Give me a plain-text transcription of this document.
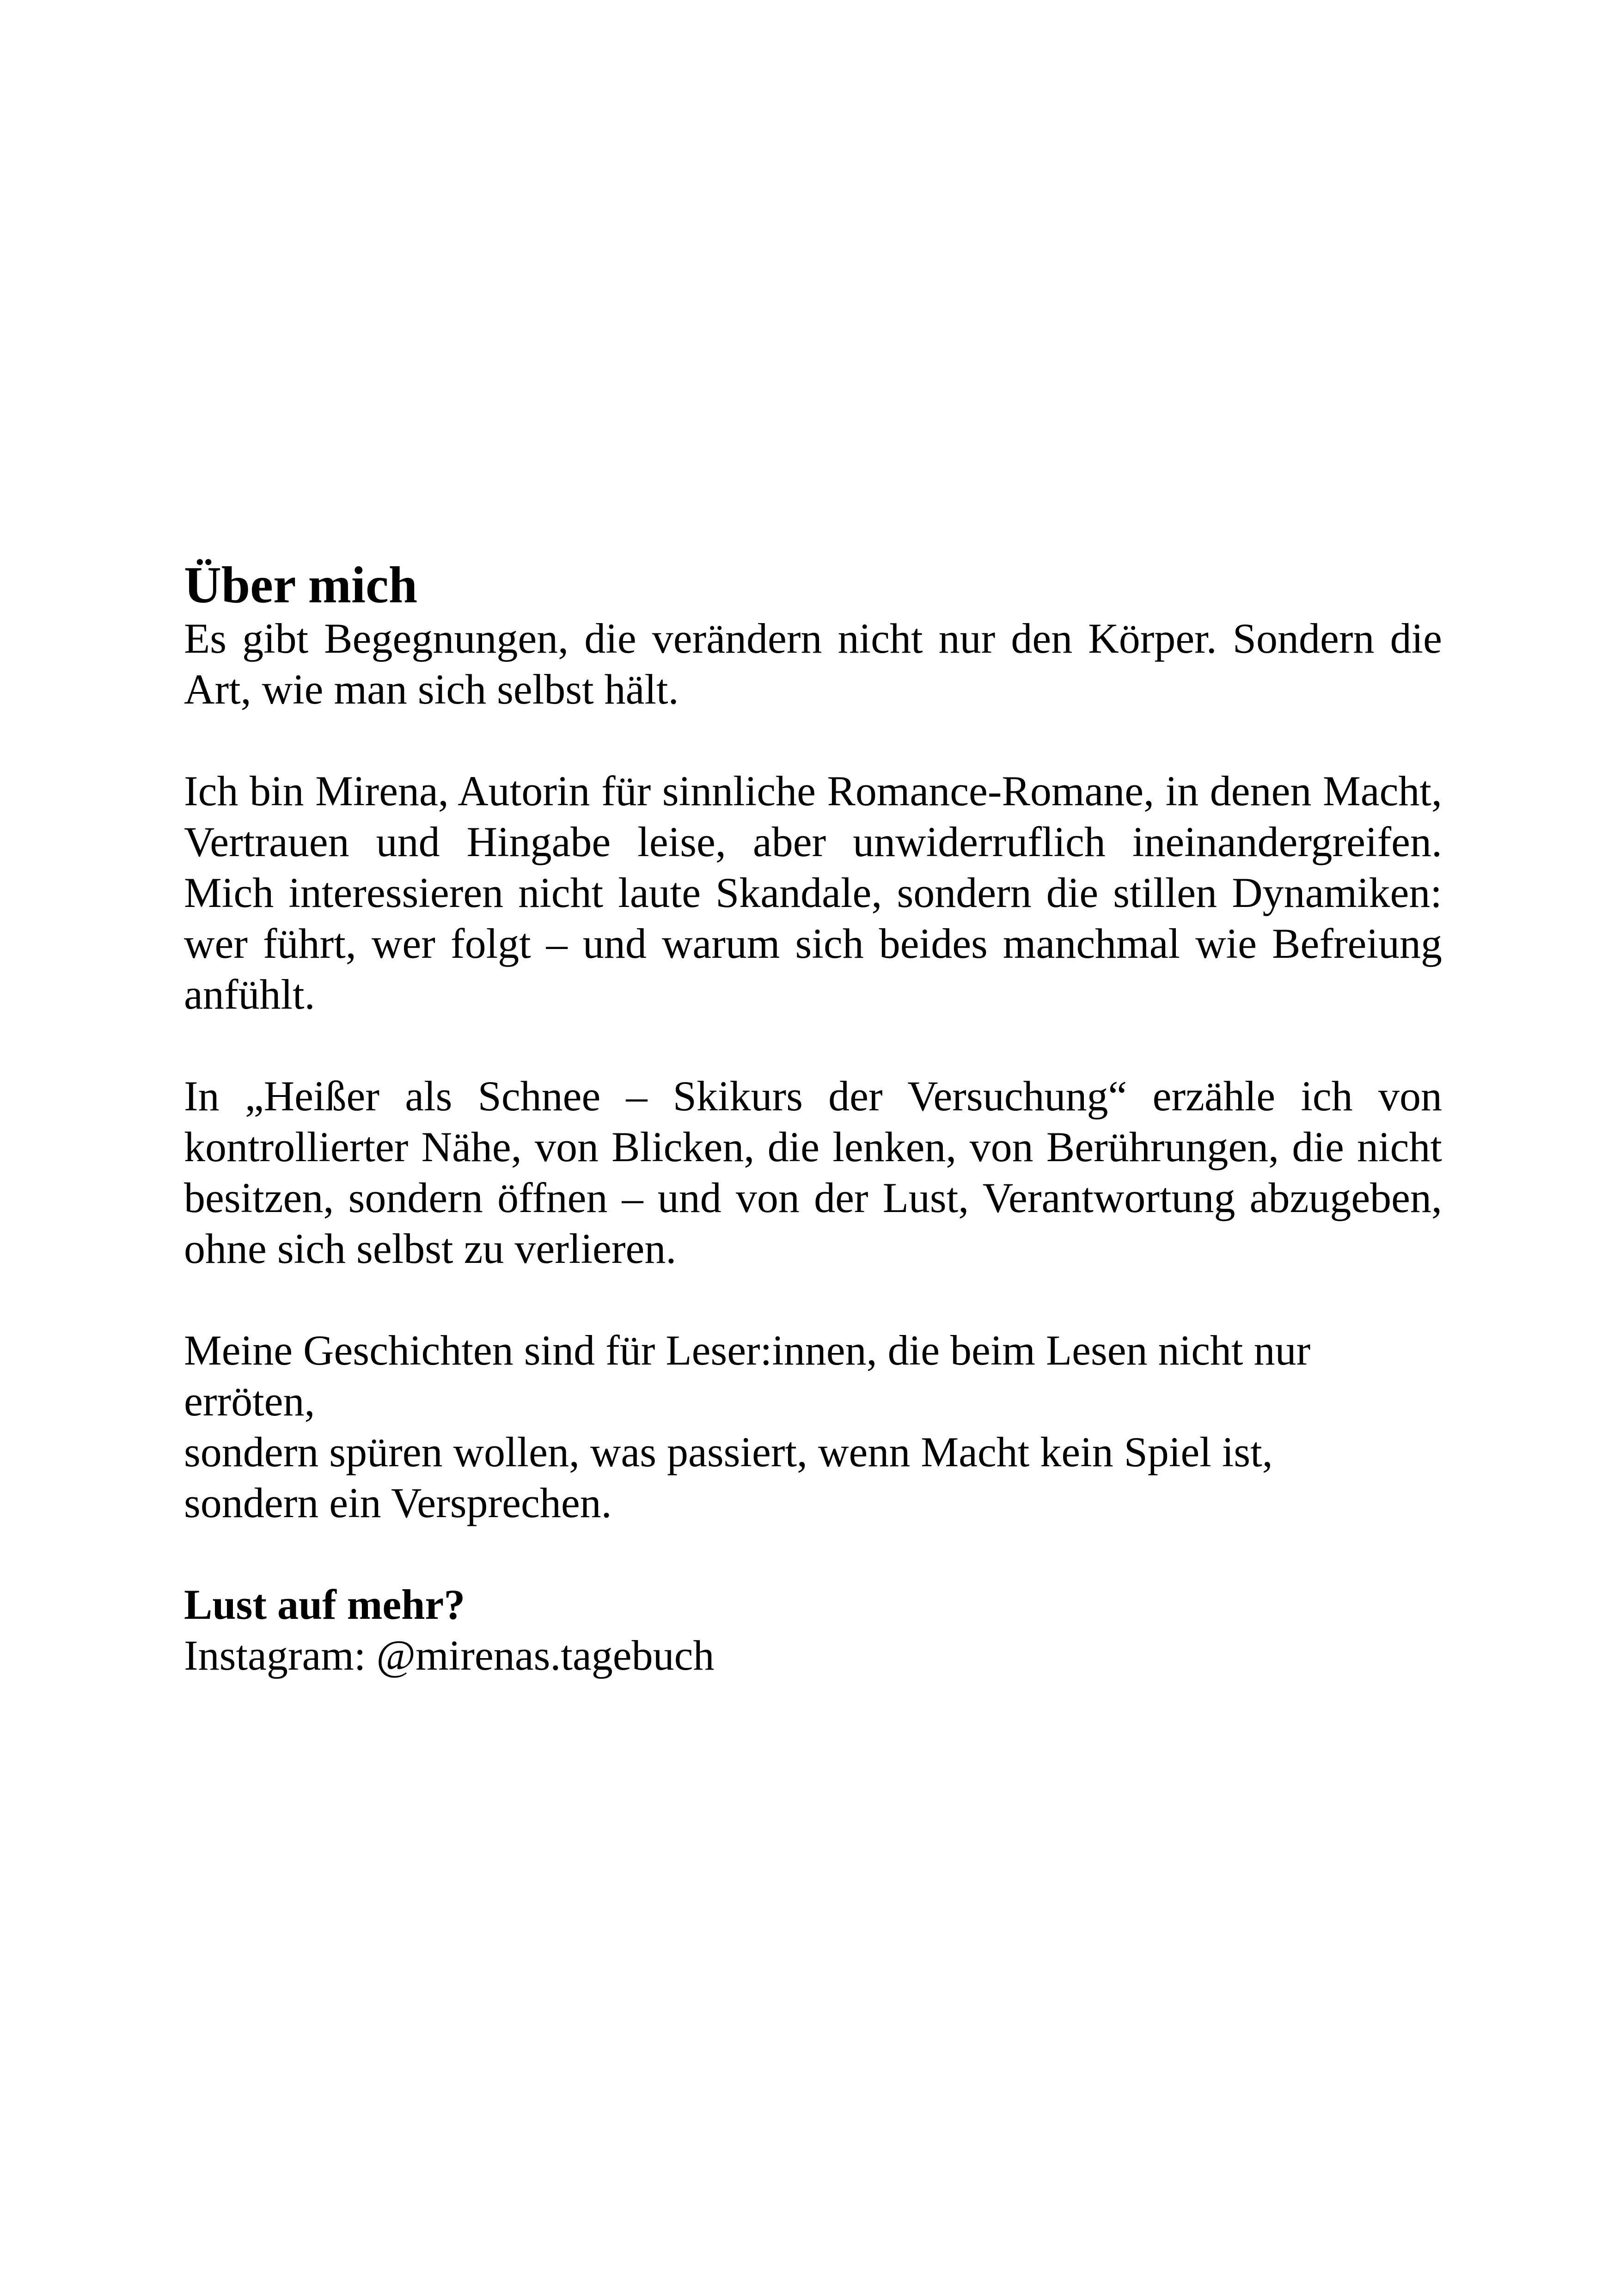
Über mich

Es gibt Begegnungen, die verändern nicht nur den Körper. Sondern die Art, wie man sich selbst hält.

Ich bin Mirena, Autorin für sinnliche Romance-Romane, in denen Macht, Vertrauen und Hingabe leise, aber unwiderruflich ineinandergreifen. Mich interessieren nicht laute Skandale, sondern die stillen Dynamiken: wer führt, wer folgt – und warum sich beides manchmal wie Befreiung anfühlt.

In „Heißer als Schnee – Skikurs der Versuchung“ erzähle ich von kontrollierter Nähe, von Blicken, die lenken, von Berührungen, die nicht besitzen, sondern öffnen – und von der Lust, Verantwortung abzugeben, ohne sich selbst zu verlieren.

Meine Geschichten sind für Leser:innen, die beim Lesen nicht nur erröten,
sondern spüren wollen, was passiert, wenn Macht kein Spiel ist,
sondern ein Versprechen.

Lust auf mehr?
Instagram: @mirenas.tagebuch
